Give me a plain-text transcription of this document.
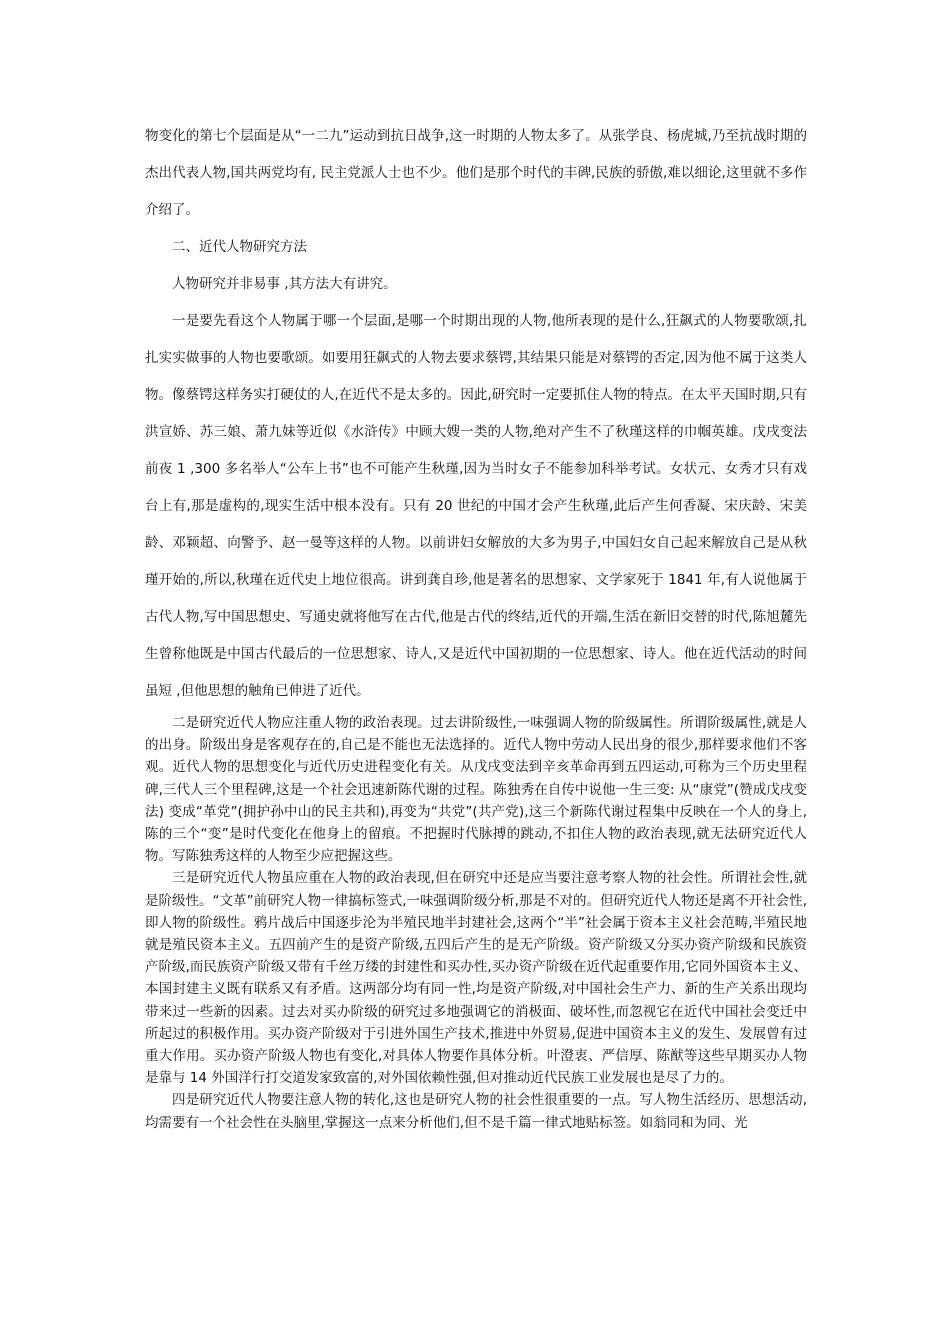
物变化的第七个层面是从“一二九”运动到抗日战争,这一时期的人物太多了。从张学良、杨虎城,乃至抗战时期的杰出代表人物,国共两党均有, 民主党派人士也不少。他们是那个时代的丰碑,民族的骄傲,难以细论,这里就不多作介绍了。

二、近代人物研究方法

人物研究并非易事 ,其方法大有讲究。

一是要先看这个人物属于哪一个层面,是哪一个时期出现的人物,他所表现的是什么,狂飙式的人物要歌颂,扎扎实实做事的人物也要歌颂。如要用狂飙式的人物去要求蔡锷,其结果只能是对蔡锷的否定,因为他不属于这类人物。像蔡锷这样务实打硬仗的人,在近代不是太多的。因此,研究时一定要抓住人物的特点。在太平天国时期,只有洪宣娇、苏三娘、萧九妹等近似《水浒传》中顾大嫂一类的人物,绝对产生不了秋瑾这样的巾帼英雄。戊戌变法前夜 1 ,300 多名举人“公车上书”也不可能产生秋瑾,因为当时女子不能参加科举考试。女状元、女秀才只有戏台上有,那是虚构的,现实生活中根本没有。只有 20 世纪的中国才会产生秋瑾,此后产生何香凝、宋庆龄、宋美龄、邓颖超、向警予、赵一曼等这样的人物。以前讲妇女解放的大多为男子,中国妇女自己起来解放自己是从秋瑾开始的,所以,秋瑾在近代史上地位很高。讲到龚自珍,他是著名的思想家、文学家死于 1841 年,有人说他属于古代人物,写中国思想史、写通史就将他写在古代,他是古代的终结,近代的开端,生活在新旧交替的时代,陈旭麓先生曾称他既是中国古代最后的一位思想家、诗人,又是近代中国初期的一位思想家、诗人。他在近代活动的时间虽短 ,但他思想的触角已伸进了近代。

二是研究近代人物应注重人物的政治表现。过去讲阶级性,一味强调人物的阶级属性。所谓阶级属性,就是人的出身。阶级出身是客观存在的,自己是不能也无法选择的。近代人物中劳动人民出身的很少,那样要求他们不客观。近代人物的思想变化与近代历史进程变化有关。从戊戌变法到辛亥革命再到五四运动,可称为三个历史里程碑,三代人三个里程碑,这是一个社会迅速新陈代谢的过程。陈独秀在自传中说他一生三变: 从“康党”(赞成戊戌变法) 变成“革党”(拥护孙中山的民主共和),再变为“共党”(共产党),这三个新陈代谢过程集中反映在一个人的身上,陈的三个“变”是时代变化在他身上的留痕。不把握时代脉搏的跳动,不扣住人物的政治表现,就无法研究近代人物。写陈独秀这样的人物至少应把握这些。

三是研究近代人物虽应重在人物的政治表现,但在研究中还是应当要注意考察人物的社会性。所谓社会性,就是阶级性。“文革”前研究人物一律搞标签式,一味强调阶级分析,那是不对的。但研究近代人物还是离不开社会性,即人物的阶级性。鸦片战后中国逐步沦为半殖民地半封建社会,这两个“半”社会属于资本主义社会范畴,半殖民地就是殖民资本主义。五四前产生的是资产阶级,五四后产生的是无产阶级。资产阶级又分买办资产阶级和民族资产阶级,而民族资产阶级又带有千丝万缕的封建性和买办性,买办资产阶级在近代起重要作用,它同外国资本主义、本国封建主义既有联系又有矛盾。这两部分均有同一性,均是资产阶级,对中国社会生产力、新的生产关系出现均带来过一些新的因素。过去对买办阶级的研究过多地强调它的消极面、破坏性,而忽视它在近代中国社会变迁中所起过的积极作用。买办资产阶级对于引进外国生产技术,推进中外贸易,促进中国资本主义的发生、发展曾有过重大作用。买办资产阶级人物也有变化,对具体人物要作具体分析。叶澄衷、严信厚、陈猷等这些早期买办人物是靠与 14 外国洋行打交道发家致富的,对外国依赖性强,但对推动近代民族工业发展也是尽了力的。

四是研究近代人物要注意人物的转化,这也是研究人物的社会性很重要的一点。写人物生活经历、思想活动,均需要有一个社会性在头脑里,掌握这一点来分析他们,但不是千篇一律式地贴标签。如翁同和为同、光
